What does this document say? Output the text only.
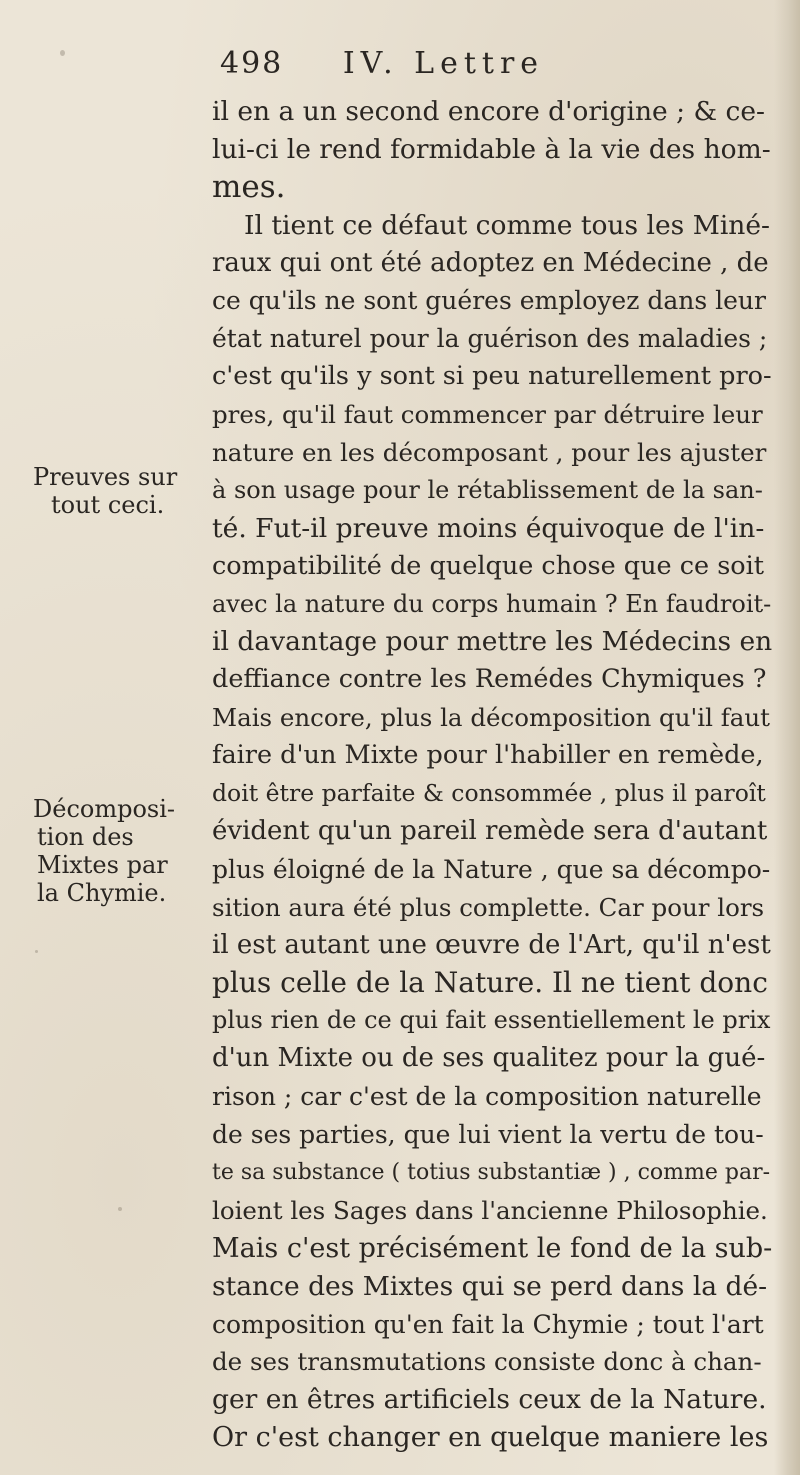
498 IV. Lettre
il en a un second encore d'origine ; & ce-
lui-ci le rend formidable à la vie des hom-
mes.
Il tient ce défaut comme tous les Miné-
raux qui ont été adoptez en Médecine , de
ce qu'ils ne sont guéres employez dans leur
état naturel pour la guérison des maladies ;
c'est qu'ils y sont si peu naturellement pro-
pres, qu'il faut commencer par détruire leur
nature en les décomposant , pour les ajuster
à son usage pour le rétablissement de la san-
té. Fut-il preuve moins équivoque de l'in-
compatibilité de quelque chose que ce soit
avec la nature du corps humain ? En faudroit-
il davantage pour mettre les Médecins en
deffiance contre les Remédes Chymiques ?
Mais encore, plus la décomposition qu'il faut
faire d'un Mixte pour l'habiller en remède,
doit être parfaite & consommée , plus il paroît
évident qu'un pareil remède sera d'autant
plus éloigné de la Nature , que sa décompo-
sition aura été plus complette. Car pour lors
il est autant une œuvre de l'Art, qu'il n'est
plus celle de la Nature. Il ne tient donc
plus rien de ce qui fait essentiellement le prix
d'un Mixte ou de ses qualitez pour la gué-
rison ; car c'est de la composition naturelle
de ses parties, que lui vient la vertu de tou-
te sa substance ( totius substantiæ ) , comme par-
loient les Sages dans l'ancienne Philosophie.
Mais c'est précisément le fond de la sub-
stance des Mixtes qui se perd dans la dé-
composition qu'en fait la Chymie ; tout l'art
de ses transmutations consiste donc à chan-
ger en êtres artificiels ceux de la Nature.
Or c'est changer en quelque maniere les
Preuves sur
tout ceci.
Décomposi-
tion des
Mixtes par
la Chymie.
